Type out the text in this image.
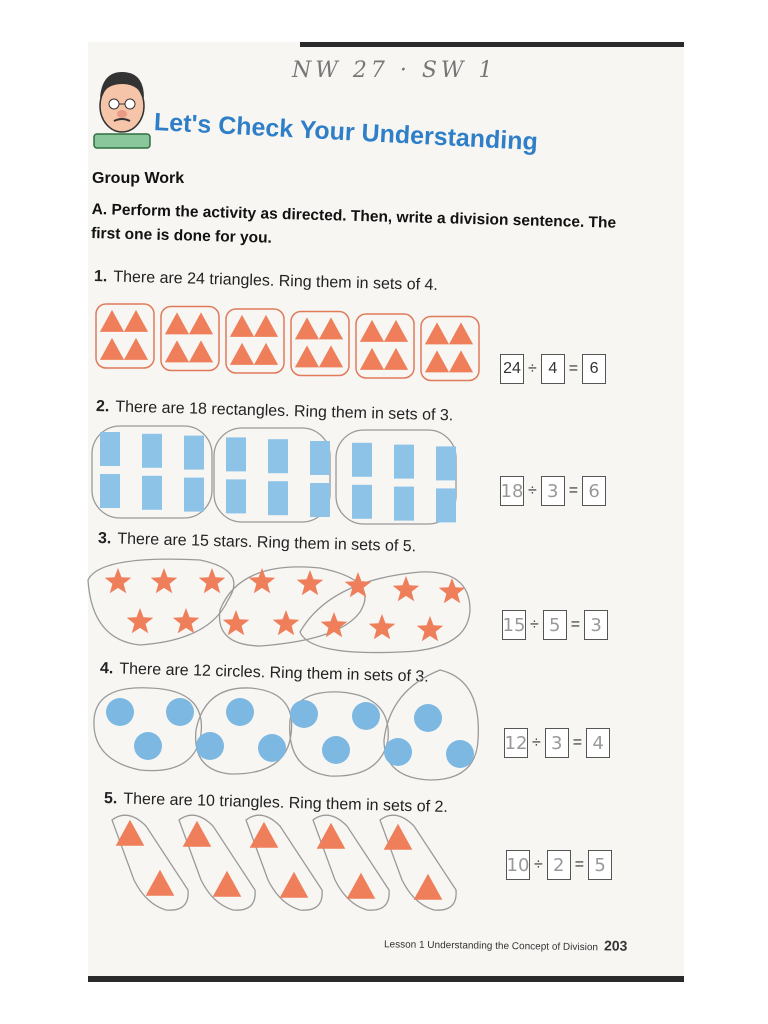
NW 27 · SW 1
Let's Check Your Understanding
Group Work
A. Perform the activity as directed. Then, write a division sentence. The first one is done for you.
1. There are 24 triangles. Ring them in sets of 4.
2. There are 18 rectangles. Ring them in sets of 3.
3. There are 15 stars. Ring them in sets of 5.
4. There are 12 circles. Ring them in sets of 3.
5. There are 10 triangles. Ring them in sets of 2.
24 ÷ 4 = 6
18 ÷ 3 = 6
15 ÷ 5 = 3
12 ÷ 3 = 4
10 ÷ 2 = 5
Lesson 1 Understanding the Concept of Division 203
